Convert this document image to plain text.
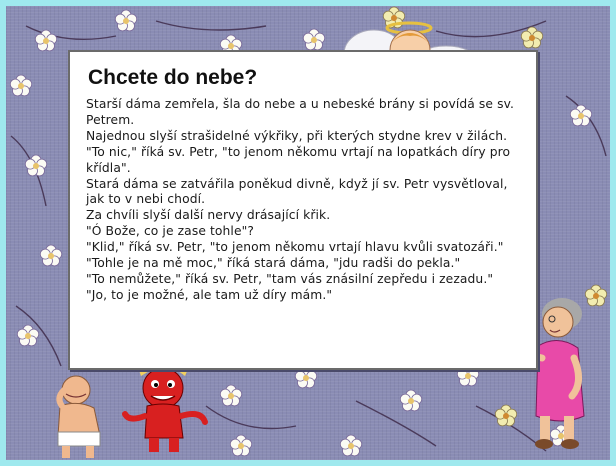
Chcete do nebe?

Starší dáma zemřela, šla do nebe a u nebeské brány si povídá se sv. Petrem.

Najednou slyší strašidelné výkřiky, při kterých stydne krev v žilách.

"To nic," říká sv. Petr, "to jenom někomu vrtají na lopatkách díry pro křídla".

Stará dáma se zatvářila poněkud divně, když jí sv. Petr vysvětloval, jak to v nebi chodí.

Za chvíli slyší další nervy drásající křik.

"Ó Bože, co je zase tohle"?

"Klid," říká sv. Petr, "to jenom někomu vrtají hlavu kvůli svatozáři."

"Tohle je na mě moc," říká stará dáma, "jdu radši do pekla."

"To nemůžete," říká sv. Petr, "tam vás znásilní zepředu i zezadu."

"Jo, to je možné, ale tam už díry mám."
